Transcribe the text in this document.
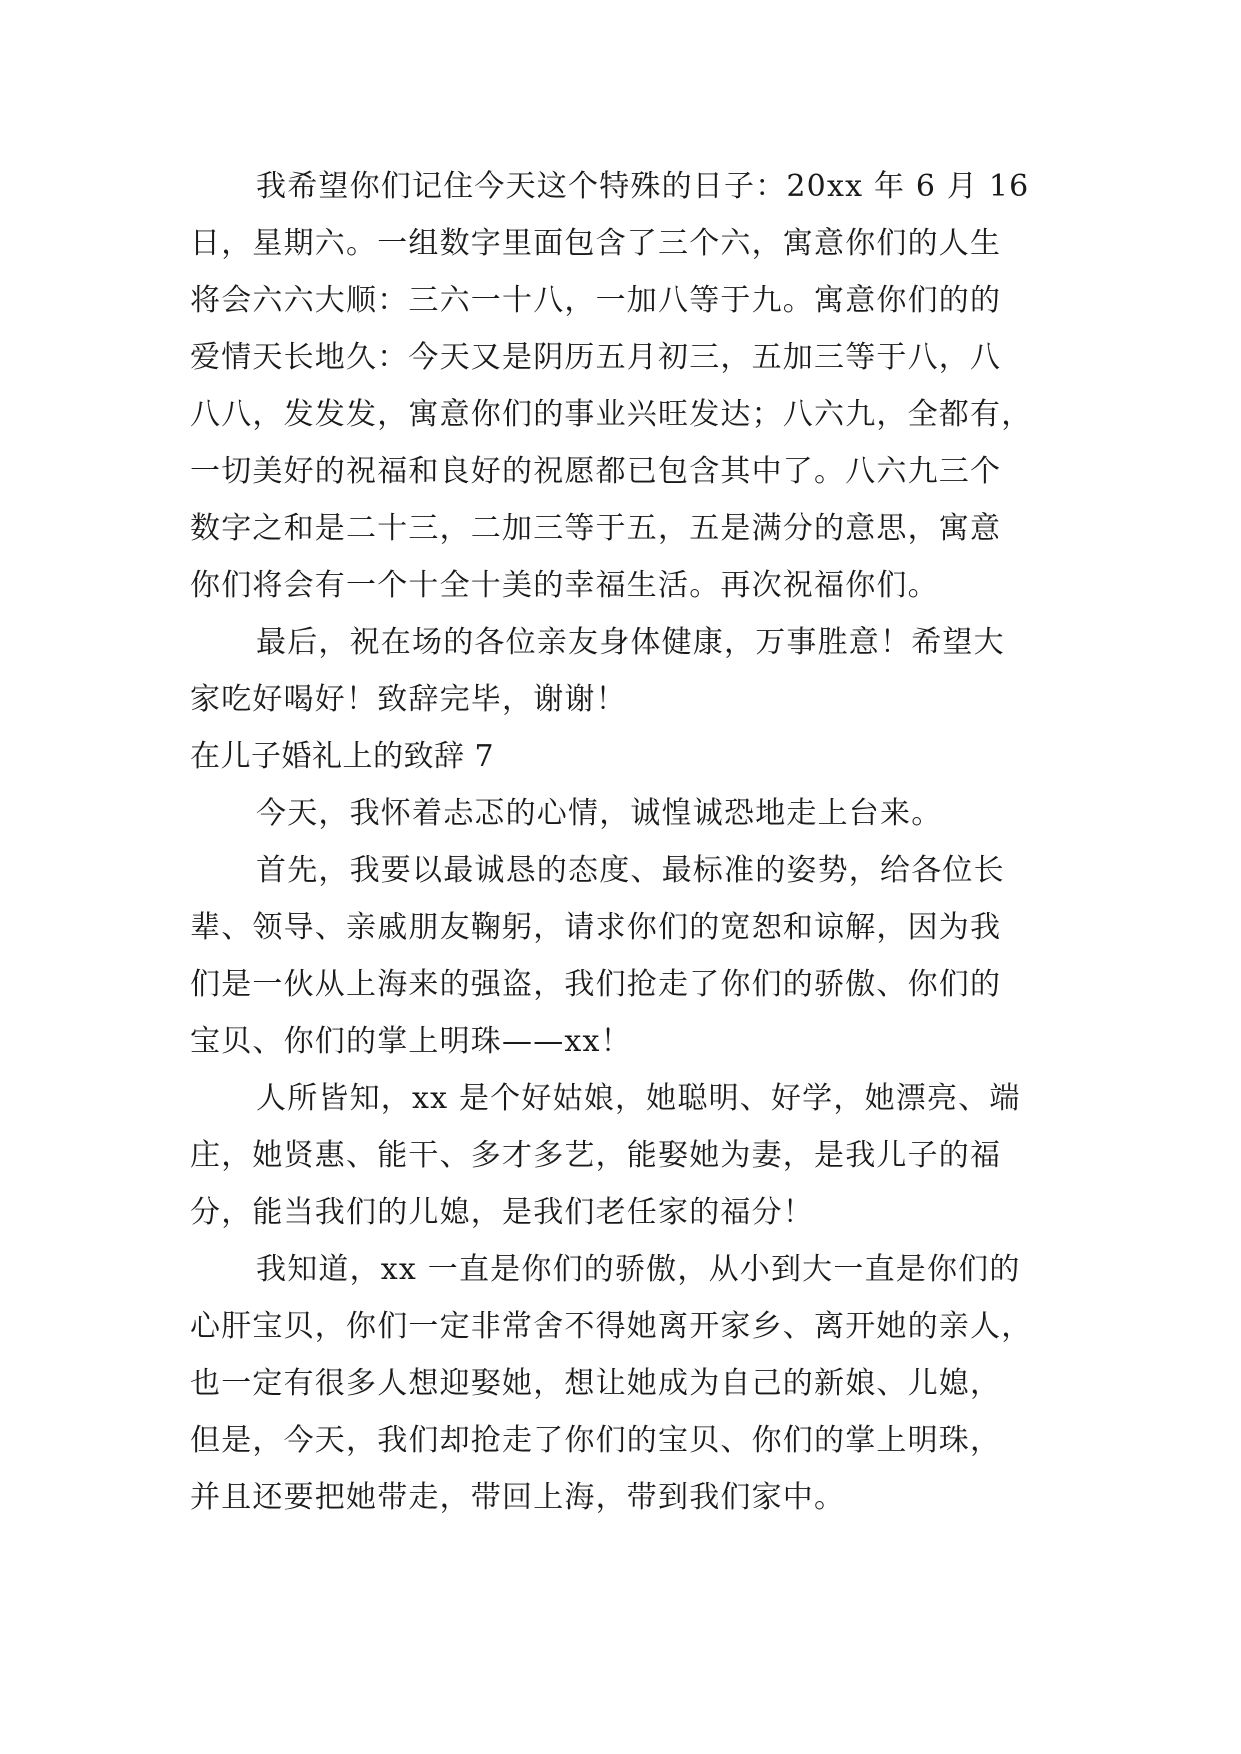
我希望你们记住今天这个特殊的日子：20xx 年 6 月 16
日，星期六。一组数字里面包含了三个六，寓意你们的人生
将会六六大顺：三六一十八，一加八等于九。寓意你们的的
爱情天长地久：今天又是阴历五月初三，五加三等于八，八
八八，发发发，寓意你们的事业兴旺发达；八六九，全都有，
一切美好的祝福和良好的祝愿都已包含其中了。八六九三个
数字之和是二十三，二加三等于五，五是满分的意思，寓意
你们将会有一个十全十美的幸福生活。再次祝福你们。
最后，祝在场的各位亲友身体健康，万事胜意！希望大
家吃好喝好！致辞完毕，谢谢！
在儿子婚礼上的致辞 7
今天，我怀着忐忑的心情，诚惶诚恐地走上台来。
首先，我要以最诚恳的态度、最标准的姿势，给各位长
辈、领导、亲戚朋友鞠躬，请求你们的宽恕和谅解，因为我
们是一伙从上海来的强盗，我们抢走了你们的骄傲、你们的
宝贝、你们的掌上明珠——xx！
人所皆知，xx 是个好姑娘，她聪明、好学，她漂亮、端
庄，她贤惠、能干、多才多艺，能娶她为妻，是我儿子的福
分，能当我们的儿媳，是我们老任家的福分！
我知道，xx 一直是你们的骄傲，从小到大一直是你们的
心肝宝贝，你们一定非常舍不得她离开家乡、离开她的亲人，
也一定有很多人想迎娶她，想让她成为自己的新娘、儿媳，
但是，今天，我们却抢走了你们的宝贝、你们的掌上明珠，
并且还要把她带走，带回上海，带到我们家中。
